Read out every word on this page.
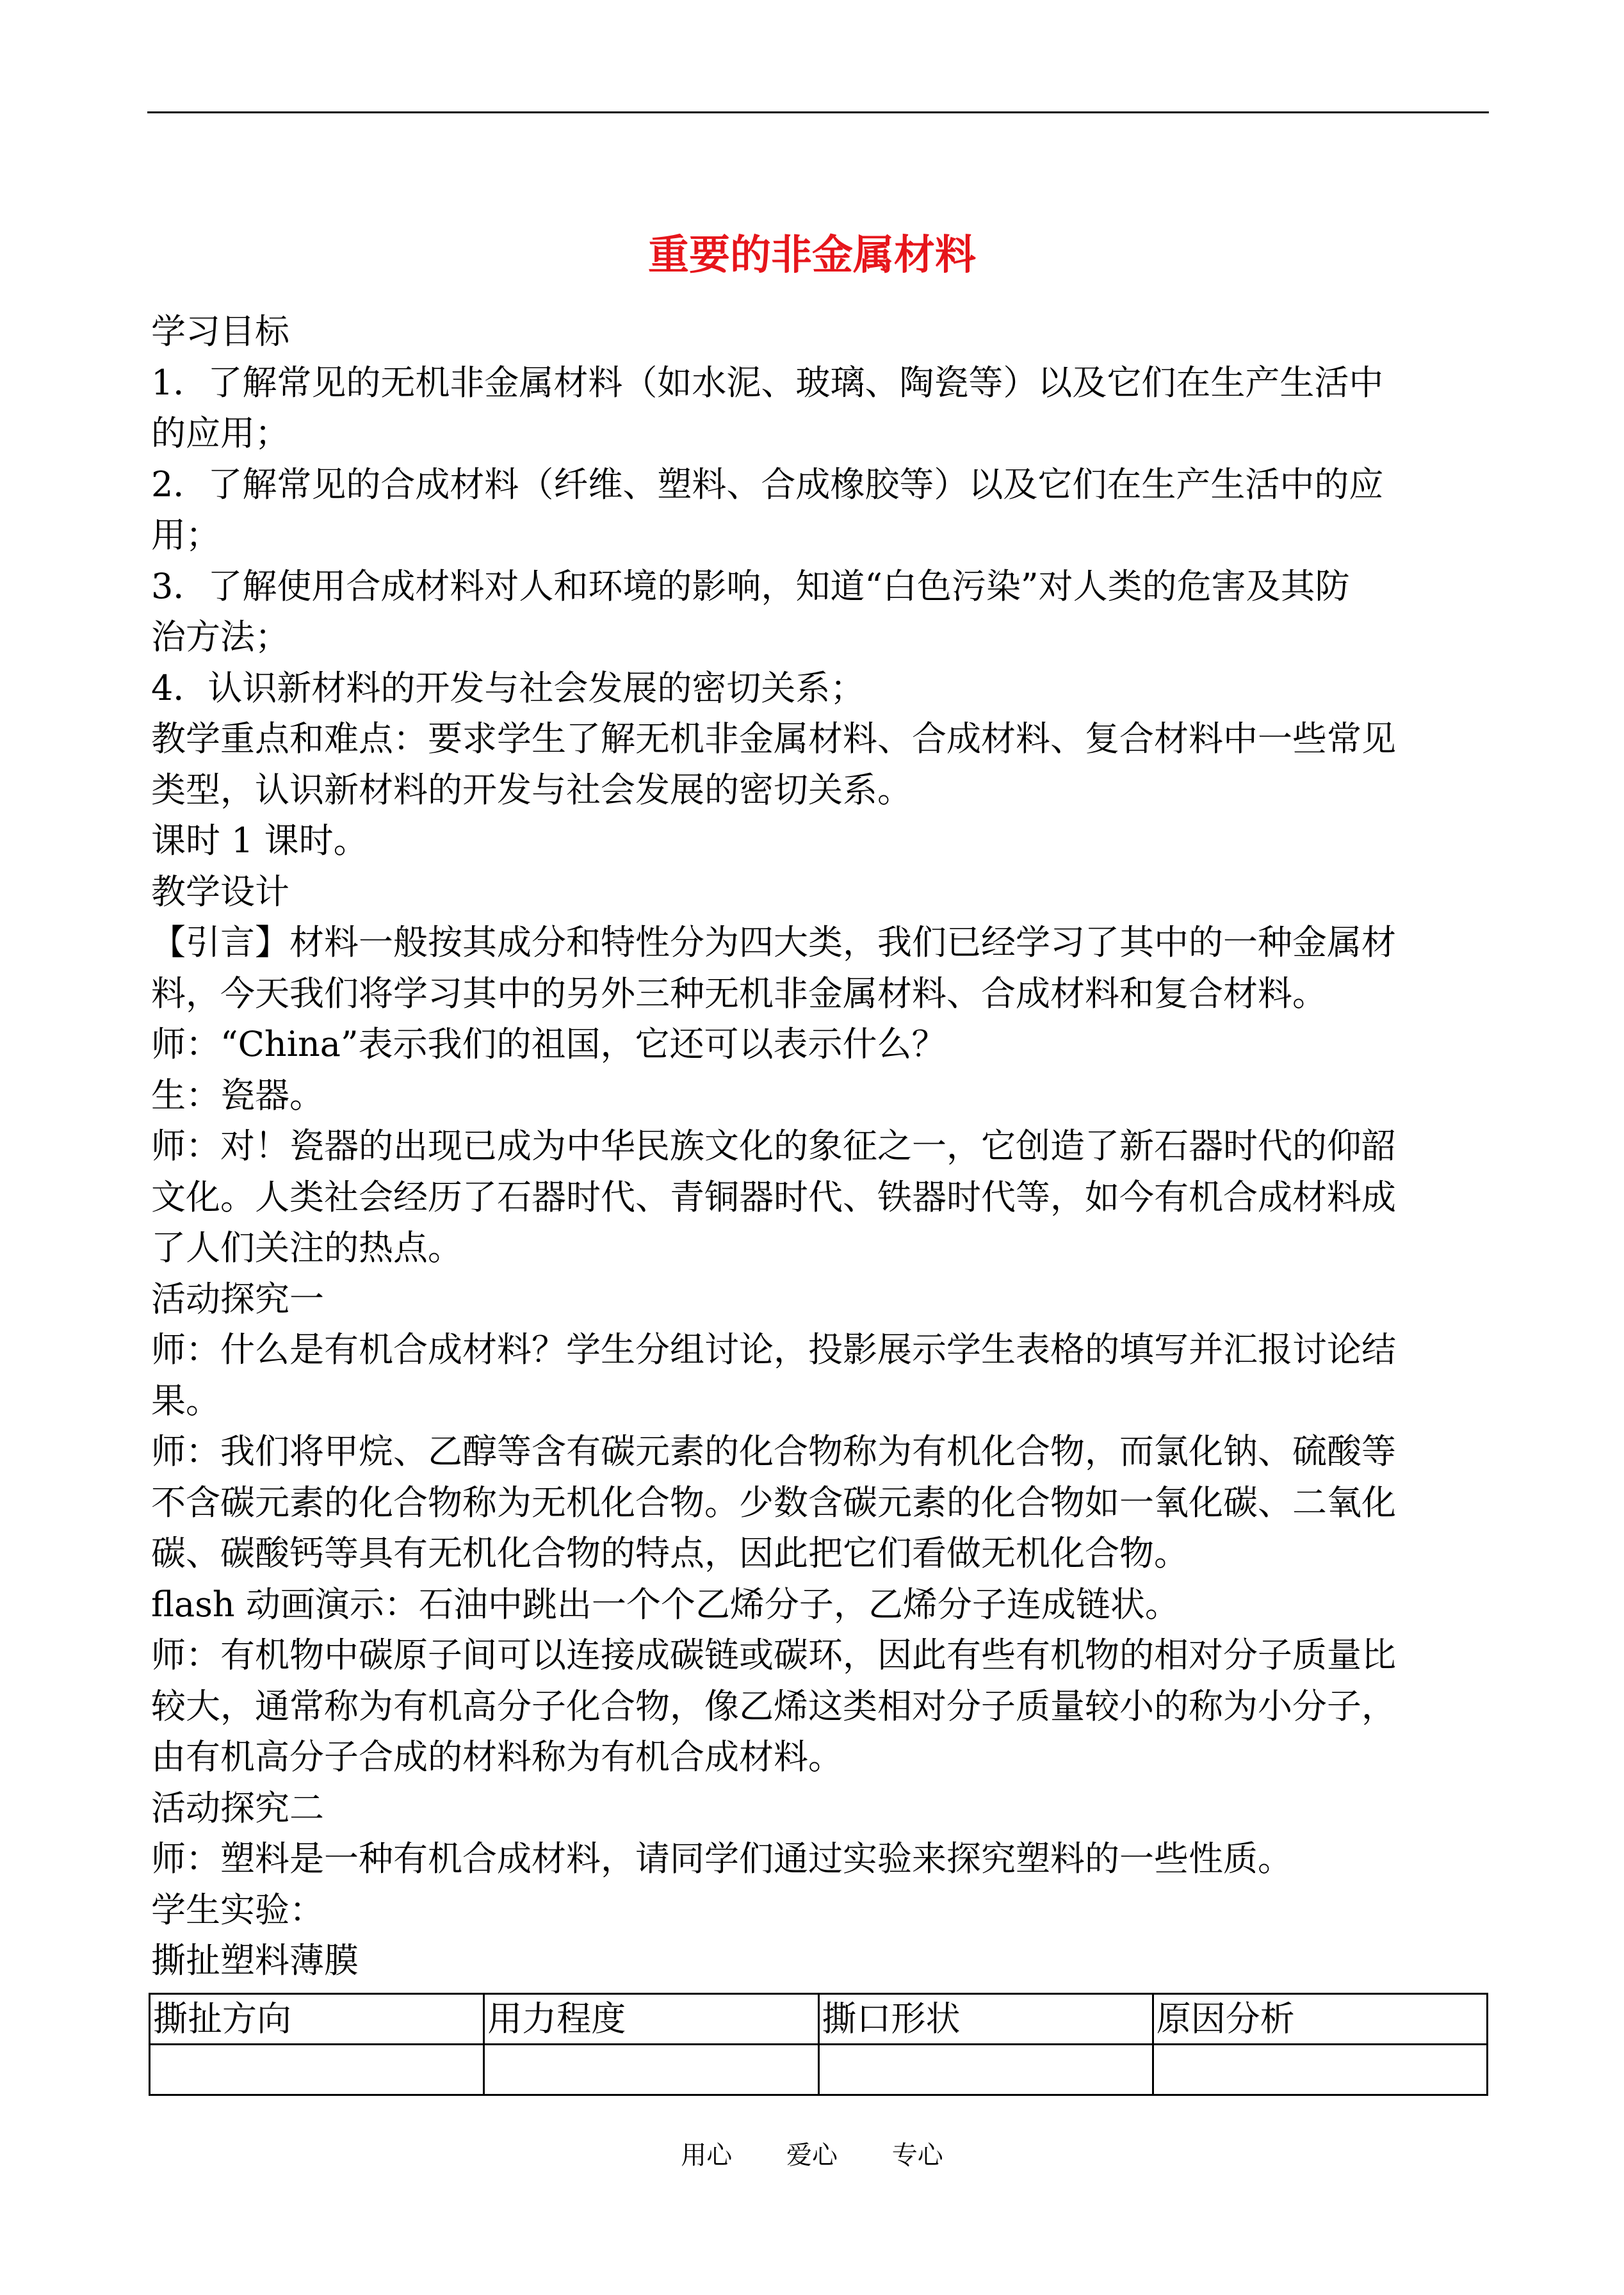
重要的非金属材料
学习目标
1．了解常见的无机非金属材料（如水泥、玻璃、陶瓷等）以及它们在生产生活中
的应用；
2．了解常见的合成材料（纤维、塑料、合成橡胶等）以及它们在生产生活中的应
用；
3．了解使用合成材料对人和环境的影响，知道“白色污染”对人类的危害及其防
治方法；
4．认识新材料的开发与社会发展的密切关系；
教学重点和难点：要求学生了解无机非金属材料、合成材料、复合材料中一些常见
类型，认识新材料的开发与社会发展的密切关系。
课时 1 课时。
教学设计
【引言】材料一般按其成分和特性分为四大类，我们已经学习了其中的一种金属材
料，今天我们将学习其中的另外三种无机非金属材料、合成材料和复合材料。
师：“China”表示我们的祖国，它还可以表示什么？
生：瓷器。
师：对！瓷器的出现已成为中华民族文化的象征之一，它创造了新石器时代的仰韶
文化。人类社会经历了石器时代、青铜器时代、铁器时代等，如今有机合成材料成
了人们关注的热点。
活动探究一
师：什么是有机合成材料？学生分组讨论，投影展示学生表格的填写并汇报讨论结
果。
师：我们将甲烷、乙醇等含有碳元素的化合物称为有机化合物，而氯化钠、硫酸等
不含碳元素的化合物称为无机化合物。少数含碳元素的化合物如一氧化碳、二氧化
碳、碳酸钙等具有无机化合物的特点，因此把它们看做无机化合物。
flash 动画演示：石油中跳出一个个乙烯分子，乙烯分子连成链状。
师：有机物中碳原子间可以连接成碳链或碳环，因此有些有机物的相对分子质量比
较大，通常称为有机高分子化合物，像乙烯这类相对分子质量较小的称为小分子，
由有机高分子合成的材料称为有机合成材料。
活动探究二
师：塑料是一种有机合成材料，请同学们通过实验来探究塑料的一些性质。
学生实验：
撕扯塑料薄膜
撕扯方向	用力程度	撕口形状	原因分析

用心 爱心 专心
